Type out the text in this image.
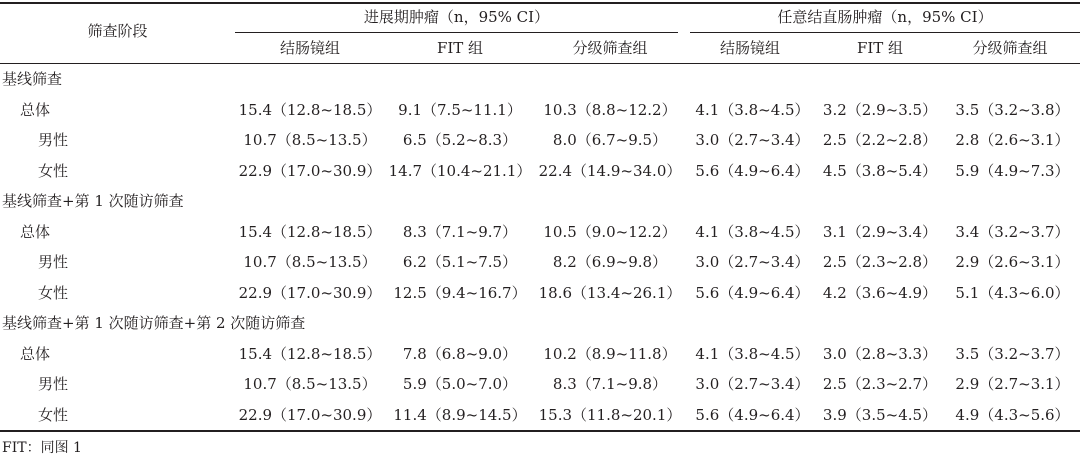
筛查阶段
进展期肿瘤（n，95% CI）	任意结直肠肿瘤（n，95% CI）
结肠镜组	FIT 组	分级筛查组	结肠镜组	FIT 组	分级筛查组
基线筛查
总体	15.4（12.8~18.5）	9.1（7.5~11.1）	10.3（8.8~12.2）	4.1（3.8~4.5） 3.2（2.9~3.5）	3.5（3.2~3.8）
男性	10.7（8.5~13.5）	6.5（5.2~8.3）	8.0（6.7~9.5）	3.0（2.7~3.4） 2.5（2.2~2.8）	2.8（2.6~3.1）
女性	22.9（17.0~30.9） 14.7（10.4~21.1） 22.4（14.9~34.0） 5.6（4.9~6.4） 4.5（3.8~5.4）	5.9（4.9~7.3）
基线筛查+第 1 次随访筛查
总体	15.4（12.8~18.5）	8.3（7.1~9.7）	10.5（9.0~12.2）	4.1（3.8~4.5） 3.1（2.9~3.4）	3.4（3.2~3.7）
男性	10.7（8.5~13.5）	6.2（5.1~7.5）	8.2（6.9~9.8）	3.0（2.7~3.4） 2.5（2.3~2.8）	2.9（2.6~3.1）
女性	22.9（17.0~30.9） 12.5（9.4~16.7） 18.6（13.4~26.1） 5.6（4.9~6.4） 4.2（3.6~4.9）	5.1（4.3~6.0）
基线筛查+第 1 次随访筛查+第 2 次随访筛查
总体	15.4（12.8~18.5）	7.8（6.8~9.0）	10.2（8.9~11.8）	4.1（3.8~4.5） 3.0（2.8~3.3）	3.5（3.2~3.7）
男性	10.7（8.5~13.5）	5.9（5.0~7.0）	8.3（7.1~9.8）	3.0（2.7~3.4） 2.5（2.3~2.7）	2.9（2.7~3.1）
女性	22.9（17.0~30.9） 11.4（8.9~14.5） 15.3（11.8~20.1） 5.6（4.9~6.4） 3.9（3.5~4.5）	4.9（4.3~5.6）
FIT：同图 1
